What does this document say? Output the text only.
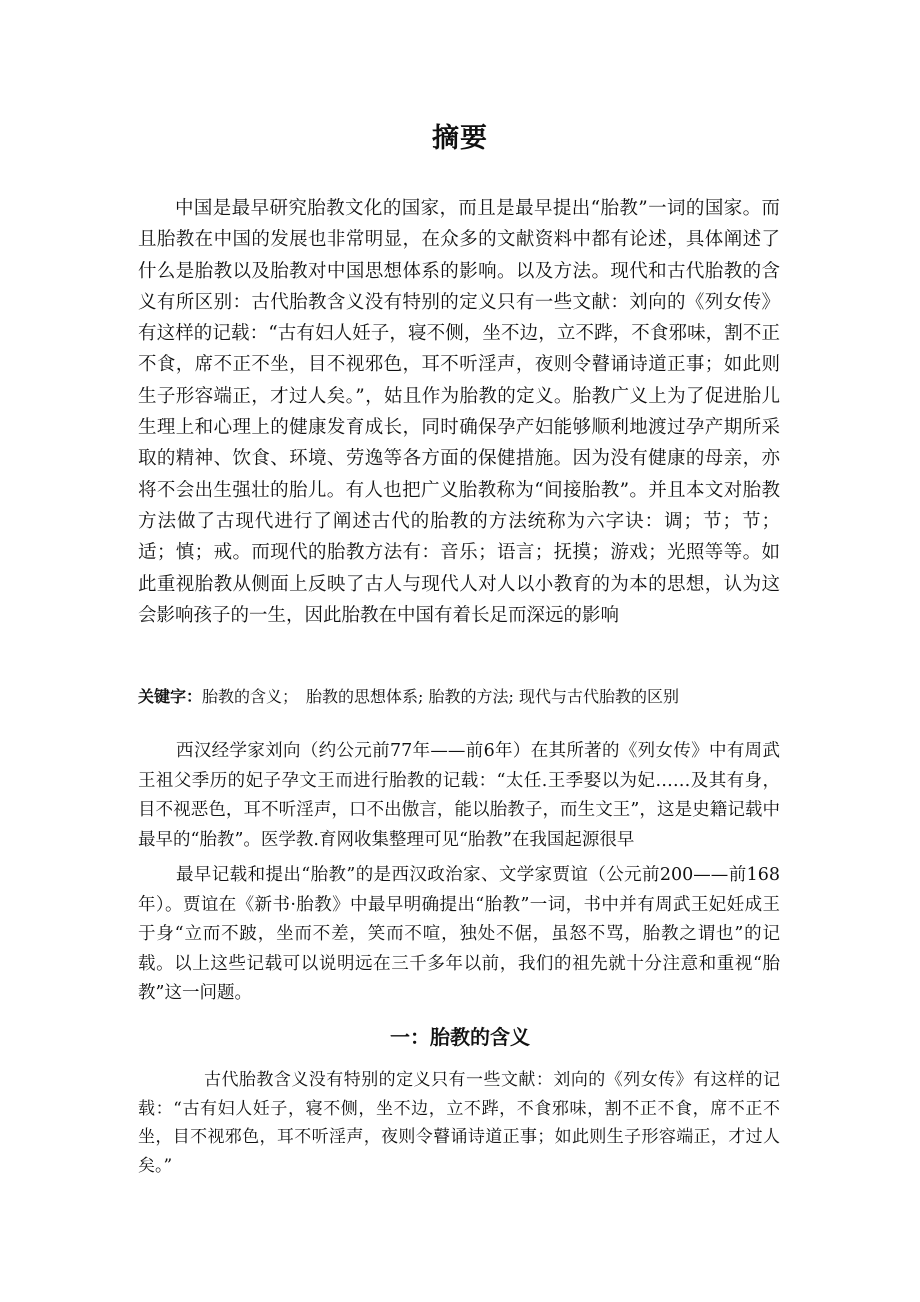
摘要

中国是最早研究胎教文化的国家，而且是最早提出“胎教”一词的国家。而且胎教在中国的发展也非常明显，在众多的文献资料中都有论述，具体阐述了什么是胎教以及胎教对中国思想体系的影响。以及方法。现代和古代胎教的含义有所区别：古代胎教含义没有特别的定义只有一些文献：刘向的《列女传》有这样的记载：“古有妇人妊子，寝不侧，坐不边，立不跸，不食邪味，割不正不食，席不正不坐，目不视邪色，耳不听淫声，夜则令瞽诵诗道正事；如此则生子形容端正，才过人矣。”，姑且作为胎教的定义。胎教广义上为了促进胎儿生理上和心理上的健康发育成长，同时确保孕产妇能够顺利地渡过孕产期所采取的精神、饮食、环境、劳逸等各方面的保健措施。因为没有健康的母亲，亦将不会出生强壮的胎儿。有人也把广义胎教称为“间接胎教”。并且本文对胎教方法做了古现代进行了阐述古代的胎教的方法统称为六字诀：调；节；节；适；慎；戒。而现代的胎教方法有：音乐；语言；抚摸；游戏；光照等等。如此重视胎教从侧面上反映了古人与现代人对人以小教育的为本的思想，认为这会影响孩子的一生，因此胎教在中国有着长足而深远的影响

关键字：胎教的含义；　胎教的思想体系; 胎教的方法; 现代与古代胎教的区别

西汉经学家刘向（约公元前77年——前6年）在其所著的《列女传》中有周武王祖父季历的妃子孕文王而进行胎教的记载：“太任.王季娶以为妃……及其有身，目不视恶色，耳不听淫声，口不出傲言，能以胎教子，而生文王”，这是史籍记载中最早的“胎教”。医学教.育网收集整理可见“胎教”在我国起源很早

最早记载和提出“胎教”的是西汉政治家、文学家贾谊（公元前200——前168年）。贾谊在《新书·胎教》中最早明确提出“胎教”一词，书中并有周武王妃妊成王于身“立而不跛，坐而不差，笑而不喧，独处不倨，虽怒不骂，胎教之谓也”的记载。以上这些记载可以说明远在三千多年以前，我们的祖先就十分注意和重视“胎教”这一问题。

一：胎教的含义

古代胎教含义没有特别的定义只有一些文献：刘向的《列女传》有这样的记载：“古有妇人妊子，寝不侧，坐不边，立不跸，不食邪味，割不正不食，席不正不坐，目不视邪色，耳不听淫声，夜则令瞽诵诗道正事；如此则生子形容端正，才过人矣。”
